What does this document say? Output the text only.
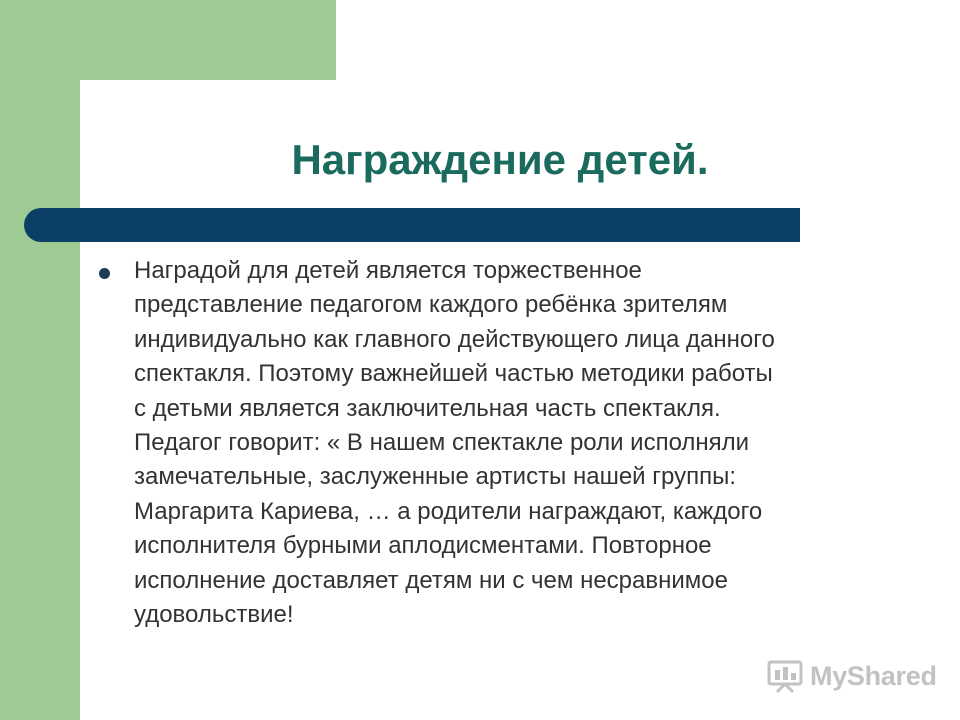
Награждение детей.
Наградой для детей является торжественное
представление педагогом каждого ребёнка зрителям
индивидуально как главного действующего лица данного
спектакля. Поэтому важнейшей частью методики работы
с детьми является заключительная часть спектакля.
Педагог говорит: « В нашем спектакле роли исполняли
замечательные, заслуженные артисты нашей группы:
Маргарита Кариева, … а родители награждают, каждого
исполнителя бурными аплодисментами. Повторное
исполнение доставляет детям ни с чем несравнимое
удовольствие!
MyShared
